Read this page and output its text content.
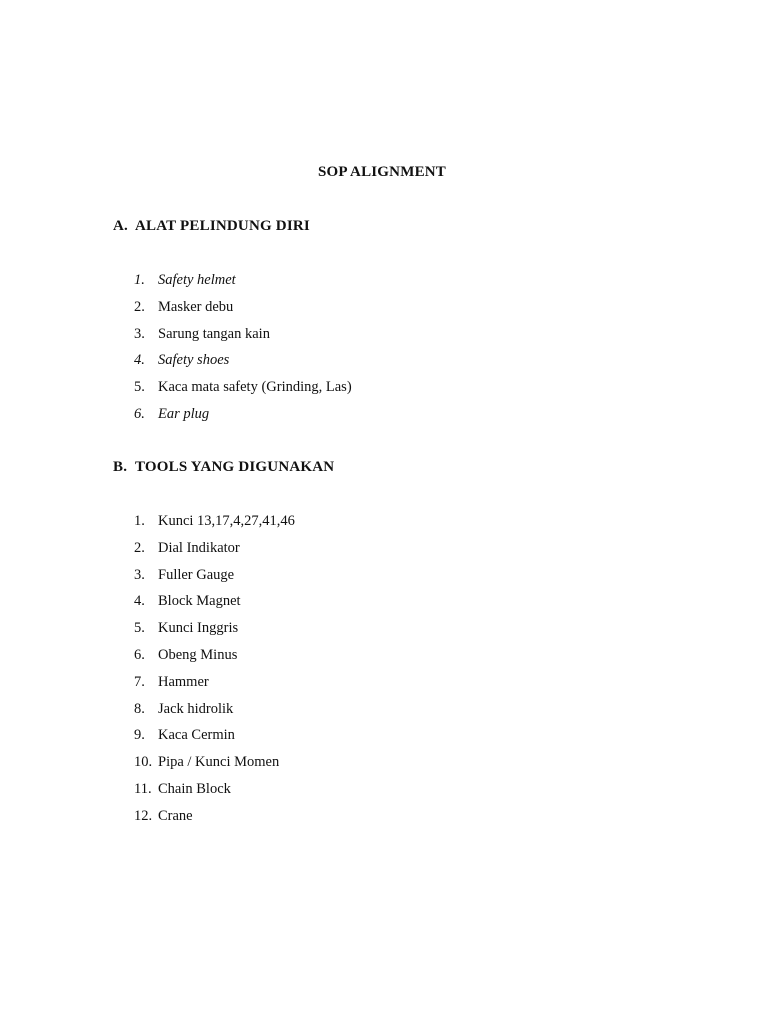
SOP ALIGNMENT
A. ALAT PELINDUNG DIRI
1. Safety helmet
2. Masker debu
3. Sarung tangan kain
4. Safety shoes
5. Kaca mata safety (Grinding, Las)
6. Ear plug
B. TOOLS YANG DIGUNAKAN
1. Kunci 13,17,4,27,41,46
2. Dial Indikator
3. Fuller Gauge
4. Block Magnet
5. Kunci Inggris
6. Obeng Minus
7. Hammer
8. Jack hidrolik
9. Kaca Cermin
10. Pipa / Kunci Momen
11. Chain Block
12. Crane
